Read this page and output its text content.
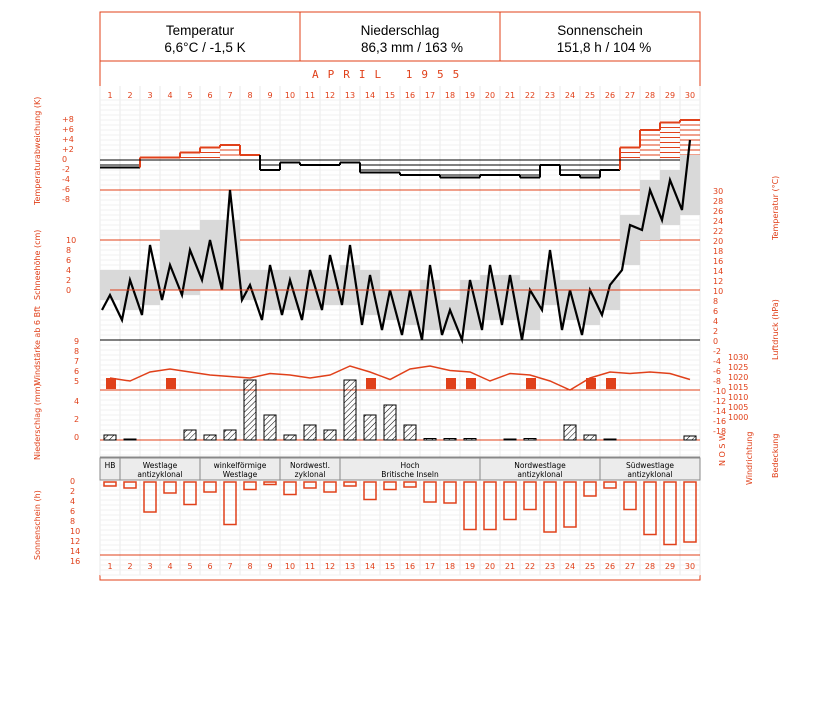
Temperatur
6,6°C / -1,5 K
Niederschlag
86,3 mm / 163 %
Sonnenschein
151,8 h / 104 %
APRIL 1955
1
1
2
2
3
3
4
4
5
5
6
6
7
7
8
8
9
9
10
10
11
11
12
12
13
13
14
14
15
15
16
16
17
17
18
18
19
19
20
20
21
21
22
22
23
23
24
24
25
25
26
26
27
27
28
28
29
29
30
30
+8
+6
+4
+2
0
-2
-4
-6
-8
30
28
26
24
22
20
18
16
14
12
10
8
6
4
2
0
-2
-4
-6
-8
-10
-12
-14
-16
-18
10
8
6
4
2
0
9
8
7
6
5
1030
1025
1020
1015
1010
1005
1000
4
2
0
HB	Westlage
antizyklonal
winkelförmige
Westlage
Nordwestl.
zyklonal
Hoch
Britische Inseln
Nordwestlage
antizyklonal
Südwestlage
antizyklonal
0
2
4
6
8
10
12
14
16
Temperaturabweichung (K)
Schneehöhe (cm)
Windstärke ab 6 Bft
Niederschlag (mm)
Sonnenschein (h)
Temperatur (°C)
Luftdruck (hPa)
Windrichtung Bedeckung
N O S W
